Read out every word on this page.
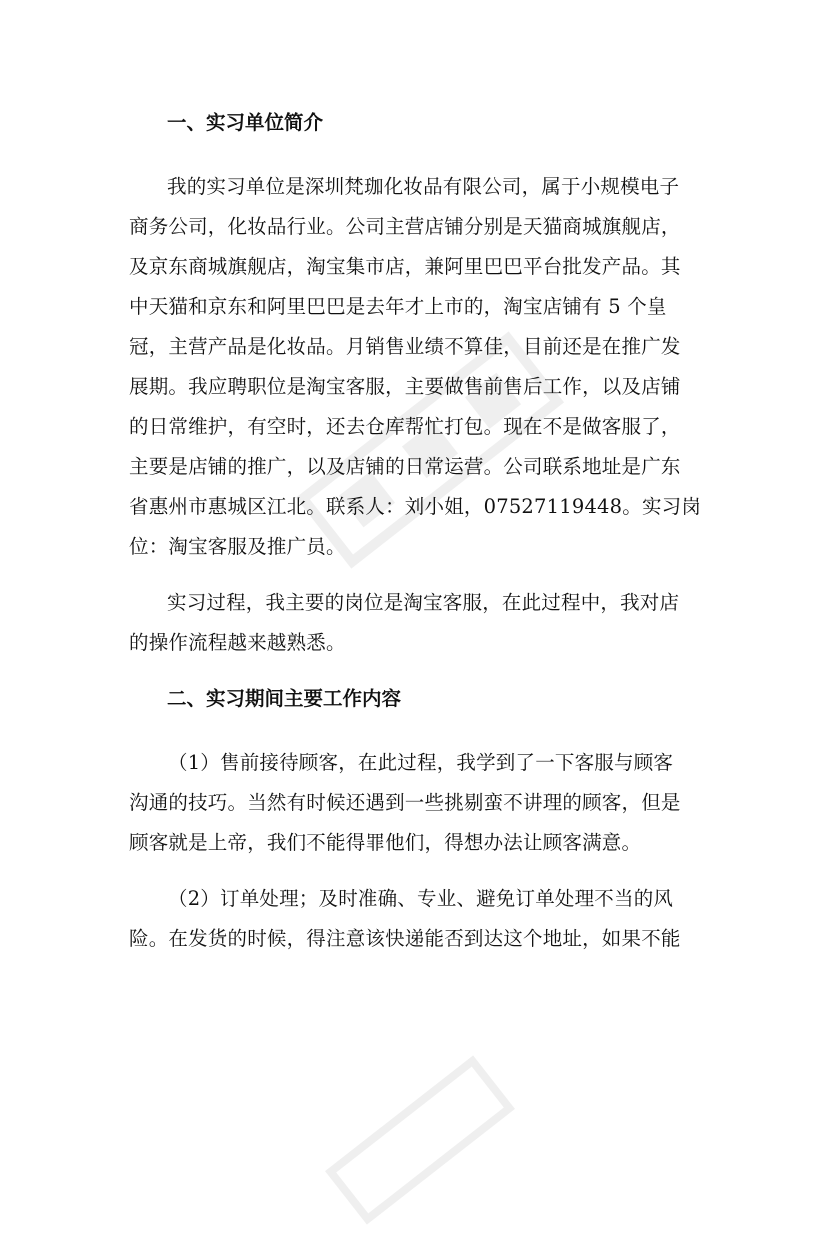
一、实习单位简介

我的实习单位是深圳梵珈化妆品有限公司，属于小规模电子
商务公司，化妆品行业。公司主营店铺分别是天猫商城旗舰店，
及京东商城旗舰店，淘宝集市店，兼阿里巴巴平台批发产品。其
中天猫和京东和阿里巴巴是去年才上市的，淘宝店铺有 5 个皇
冠，主营产品是化妆品。月销售业绩不算佳，目前还是在推广发
展期。我应聘职位是淘宝客服，主要做售前售后工作，以及店铺
的日常维护，有空时，还去仓库帮忙打包。现在不是做客服了，
主要是店铺的推广，以及店铺的日常运营。公司联系地址是广东
省惠州市惠城区江北。联系人：刘小姐，07527119448。实习岗
位：淘宝客服及推广员。
实习过程，我主要的岗位是淘宝客服，在此过程中，我对店
的操作流程越来越熟悉。

二、实习期间主要工作内容

（1）售前接待顾客，在此过程，我学到了一下客服与顾客
沟通的技巧。当然有时候还遇到一些挑剔蛮不讲理的顾客，但是
顾客就是上帝，我们不能得罪他们，得想办法让顾客满意。
（2）订单处理；及时准确、专业、避免订单处理不当的风
险。在发货的时候，得注意该快递能否到达这个地址，如果不能
